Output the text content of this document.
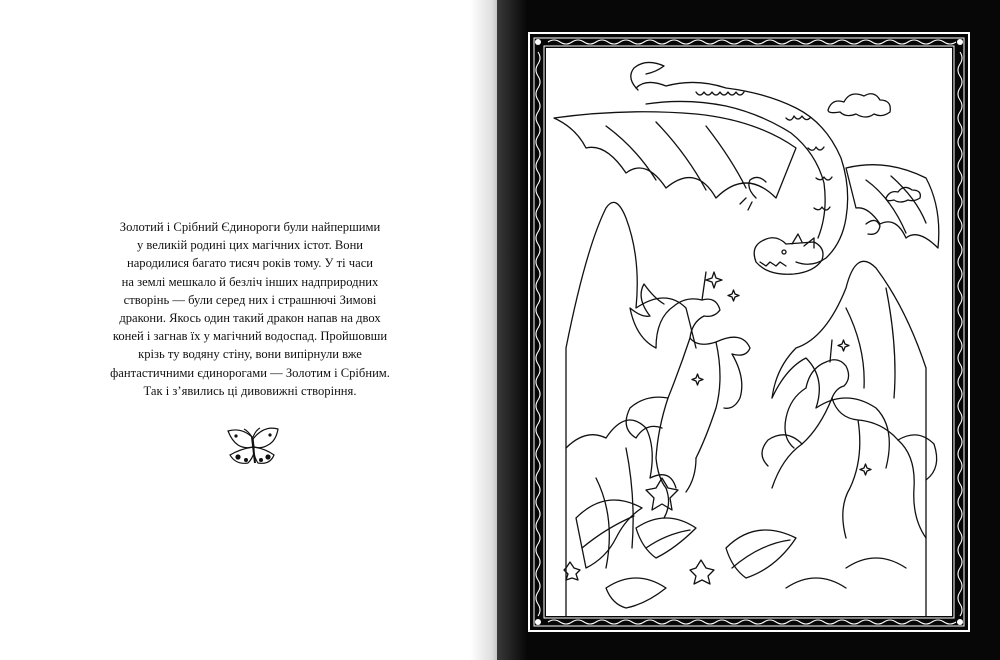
Золотий і Срібний Єдинороги були найпершими
у великій родині цих магічних істот. Вони
народилися багато тисяч років тому. У ті часи
на землі мешкало й безліч інших надприродних
створінь — були серед них і страшнючі Зимові
дракони. Якось один такий дракон напав на двох
коней і загнав їх у магічний водоспад. Пройшовши
крізь ту водяну стіну, вони випірнули вже
фантастичними єдинорогами — Золотим і Срібним.
Так і з’явились ці дивовижні створіння.
